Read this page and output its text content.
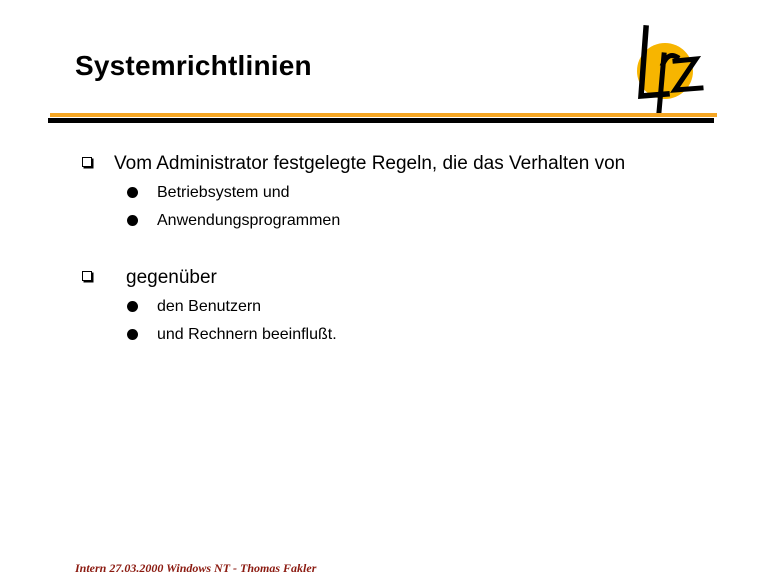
Systemrichtlinien
Vom Administrator festgelegte Regeln, die das Verhalten von
Betriebsystem und
Anwendungsprogrammen
gegenüber
den Benutzern
und Rechnern beeinflußt.
Intern 27.03.2000 Windows NT - Thomas Fakler
